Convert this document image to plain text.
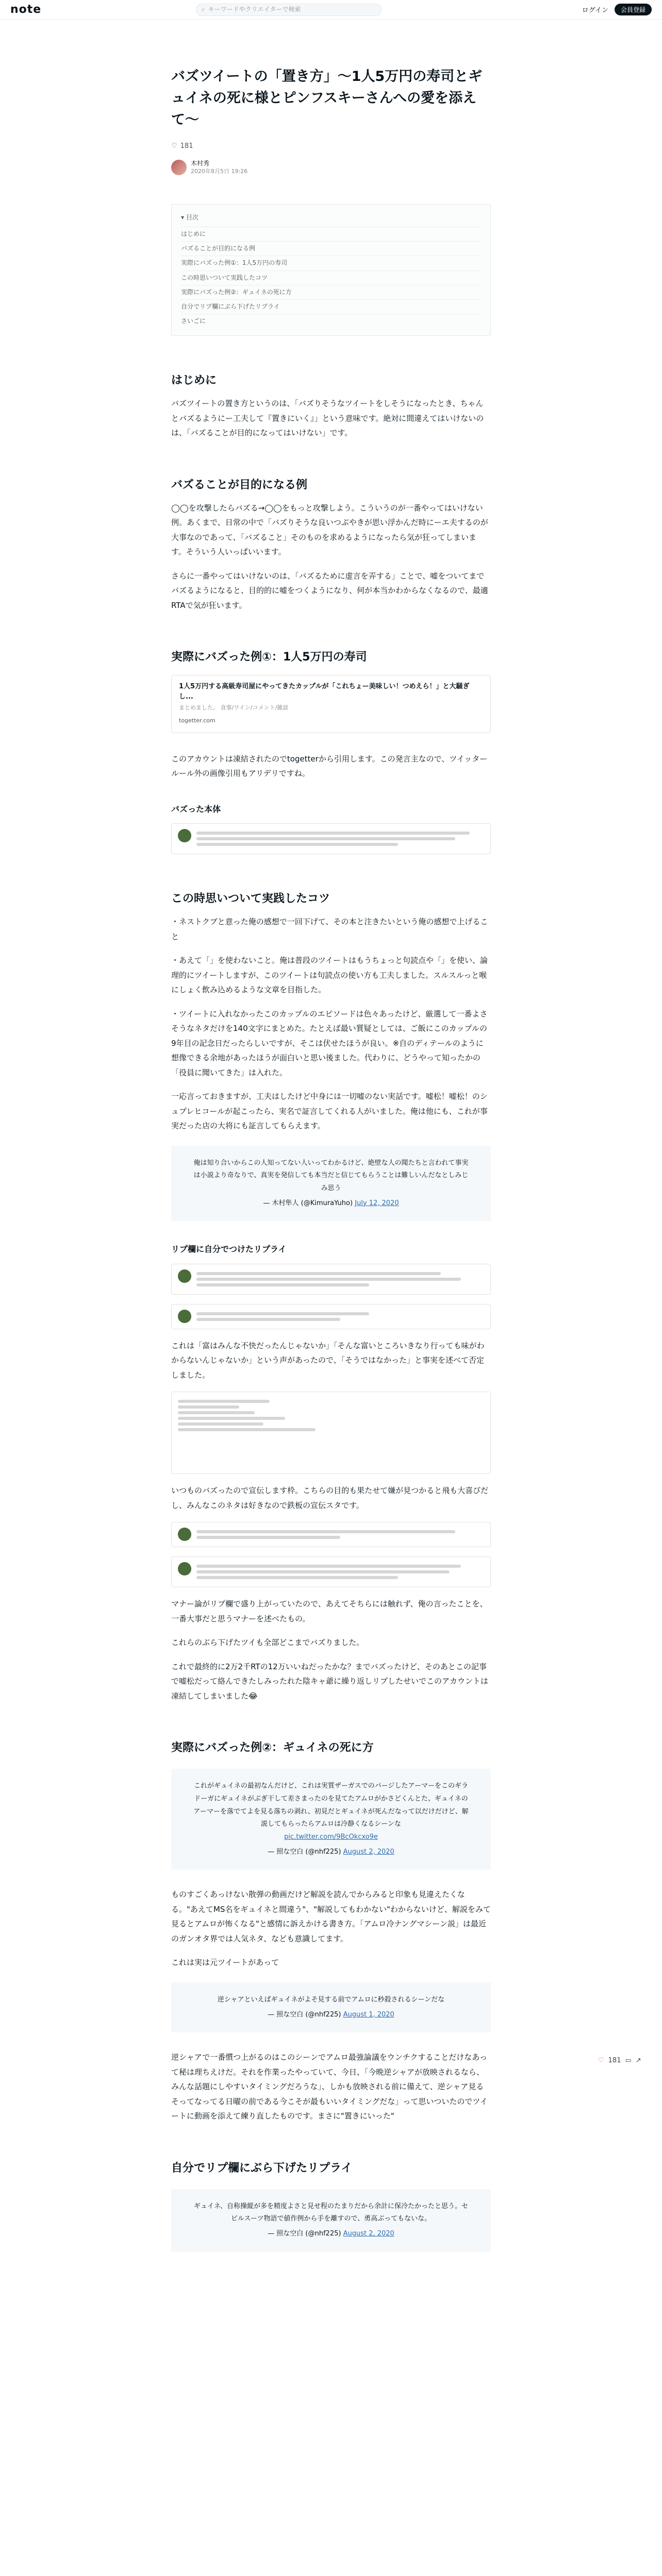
note	⌕ キーワードやクリエイターで検索	ログイン	会員登録
バズツイートの「置き方」〜1人5万円の寿司とギュイネの死に様とピンフスキーさんへの愛を添えて〜
♡ 181
木村秀
2020年8月5日 19:26
▾ 目次
はじめに
バズることが目的になる例
実際にバズった例①：1人5万円の寿司
この時思いついて実践したコツ
実際にバズった例②：ギュイネの死に方
自分でリプ欄にぶら下げたリプライ
さいごに
はじめに

バズツイートの置き方というのは、「バズりそうなツイートをしそうになったとき、ちゃんとバズるようにー工夫して『置きにいく』」という意味です。絶対に間違えてはいけないのは、「バズることが目的になってはいけない」です。

バズることが目的になる例

◯◯を攻撃したらバズる→◯◯をもっと攻撃しよう。こういうのが一番やってはいけない例。あくまで、日常の中で「バズりそうな良いつぶやきが思い浮かんだ時にーエ夫するのが大事なのであって、「バズること」そのものを求めるようになったら気が狂ってしまいます。そういう人いっぱいいます。

さらに一番やってはいけないのは、「バズるために虚言を弄する」ことで、嘘をついてまでバズるようになると、目的的に嘘をつくようになり、何が本当かわからなくなるので、最適RTAで気が狂います。

実際にバズった例①：1人5万円の寿司
1人5万円する高級寿司屋にやってきたカップルが「これちょー美味しい！つめえら！」と大騒ぎし...
まとめました。 食事/ワイン/コメント/雑談
togetter.com

このアカウントは凍結されたのでtogetterから引用します。この発言主なので、ツイッタールール外の画像引用もアリデリですね。

バズった本体
この時思いついて実践したコツ

・ネストクブと意った俺の感想で一回下げて、その本と注きたいという俺の感想で上げること

・あえて「」を使わないこと。俺は普段のツイートはもうちょっと句読点や「」を使い、論理的にツイートしますが、このツイートは句読点の使い方も工夫しました。スルスルっと喉にしょく飲み込めるような文章を目指した。

・ツイートに入れなかったこのカップルのエピソードは色々あったけど、厳選して一番よさそうなネタだけを140文字にまとめた。たとえば最い質疑としては、ご飯にこのカップルの9年目の記念日だったらしいですが、そこは伏せたほうが良い。※自のディテールのように想像できる余地があったほうが面白いと思い後ました。代わりに、どうやって知ったかの「役員に聞いてきた」は入れた。

一応言っておきますが、工夫はしたけど中身には一切嘘のない実話です。嘘松！嘘松！のシュプレヒコールが起こったら、実名で証言してくれる人がいました。俺は他にも、これが事実だった店の大将にも証言してもらえます。

俺は知り合いからこの人知ってない人いってわかるけど、絶壁な人の聞たちと言われて事実は小説より奇なりで、真実を発信しても本当だと信じてもらうことは難しいんだなとしみじみ思う
— 木村隼人 (@KimuraYuho) July 12, 2020
リプ欄に自分でつけたリプライ

これは「富はみんな不快だったんじゃないか」「そんな富いところいきなり行っても味がわからないんじゃないか」という声があったので、「そうではなかった」と事実を述べて否定しました。

いつものバズったので宣伝します枠。こちらの目的も果たせて嫌が見つかると飛も大喜びだし、みんなこのネタは好きなので鉄板の宣伝スタです。

マナー論がリプ欄で盛り上がっていたので、あえてそちらには触れず、俺の言ったことを、一番大事だと思うマナーを述べたもの。

これらのぶら下げたツイも全部どこまでバズりました。

これで最終的に2万2千RTの12万いいねだったかな？までバズったけど、そのあとこの記事で嘘松だって絡んできたしみったれた陰キャ爺に繰り返しリプしたせいでこのアカウントは凍結してしまいました😂

実際にバズった例②：ギュイネの死に方
これがギュイネの最初なんだけど、これは実質ザーガスでのパージしたアーマーをこのギラドーガにギュイネがぶぎ干して差さまったのを見てたアムロがかさどくんとた、ギュイネのアーマーを落でてよを見る落ちの剥れ、初見だとギュイネが死んだなって以だけだけど、解説してもらったらアムロは冷静くなるシーンな
pic.twitter.com/9BcOkcxo9e
— 照な空白 (@nhf225) August 2, 2020

ものすごくあっけない散弾の動画だけど解説を読んでからみると印象も見違えたくなる。"あえてMS名をギュイネと間違う"、"解説してもわかない"わからないけど、解説をみて見るとアムロが怖くなる"と感情に訴えかける書き方。「アムロ冷ナングマシーン説」は最近のガンオタ界では人気ネタ、なども意識してます。

これは実は元ツイートがあって

逆シャアといえばギュイネがよそ見する前でアムロに秒殺されるシーンだな
— 照な空白 (@nhf225) August 1, 2020

逆シャアで一番慣つ上がるのはこのシーンでアムロ最強論議をウンチクすることだけなあって秘は理ちえけだ。それを作業ったやっていて、今日、「今晩逆シャアが放映されるなら、みんな話題にしやすいタイミングだろうな」、しかも放映される前に備えて、逆シャア見るそってなってる日曜の前である今こそが最もいいタイミングだな」って思いついたのでツイートに動画を添えて練り直したものです。まさに"置きにいった"

自分でリプ欄にぶら下げたリプライ
ギュイネ、自称操縦が多を精度よさと見せ程のたまりだから余計に保冷たかったと思う。セビルスーツ物語で値作例から手を離すので、勇高ぶってもないな。
— 照な空白 (@nhf225) August 2, 2020
♡ 181 ▭ ↗
